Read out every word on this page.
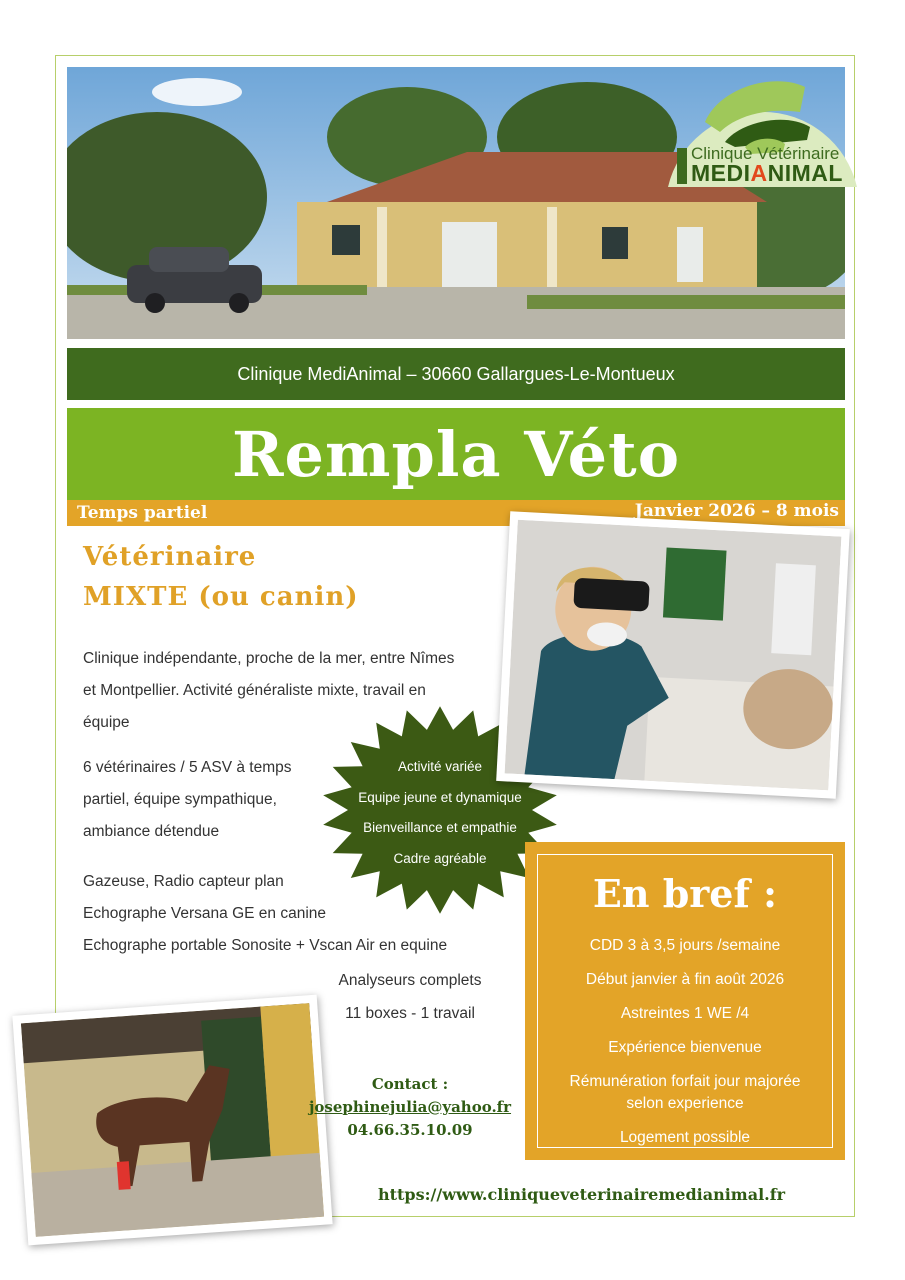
Clinique Vétérinaire
MEDIANIMAL
Clinique MediAnimal – 30660 Gallargues-Le-Montueux
Rempla Véto
Temps partiel	Janvier 2026 – 8 mois
Vétérinaire
MIXTE (ou canin)
Clinique indépendante, proche de la mer, entre Nîmes et Montpellier. Activité généraliste mixte, travail en équipe
6 vétérinaires / 5 ASV à temps partiel, équipe sympathique, ambiance détendue
Gazeuse, Radio capteur plan
Echographe Versana GE en canine
Echographe portable Sonosite + Vscan Air en equine
Analyseurs complets
11 boxes - 1 travail
Activité variée
Equipe jeune et dynamique
Bienveillance et empathie
Cadre agréable
En bref :
CDD 3 à 3,5 jours /semaine
Début janvier à fin août 2026
Astreintes 1 WE /4
Expérience bienvenue
Rémunération forfait jour majorée selon experience
Logement possible
Contact :
josephinejulia@yahoo.fr
04.66.35.10.09
https://www.cliniqueveterinairemedianimal.fr
